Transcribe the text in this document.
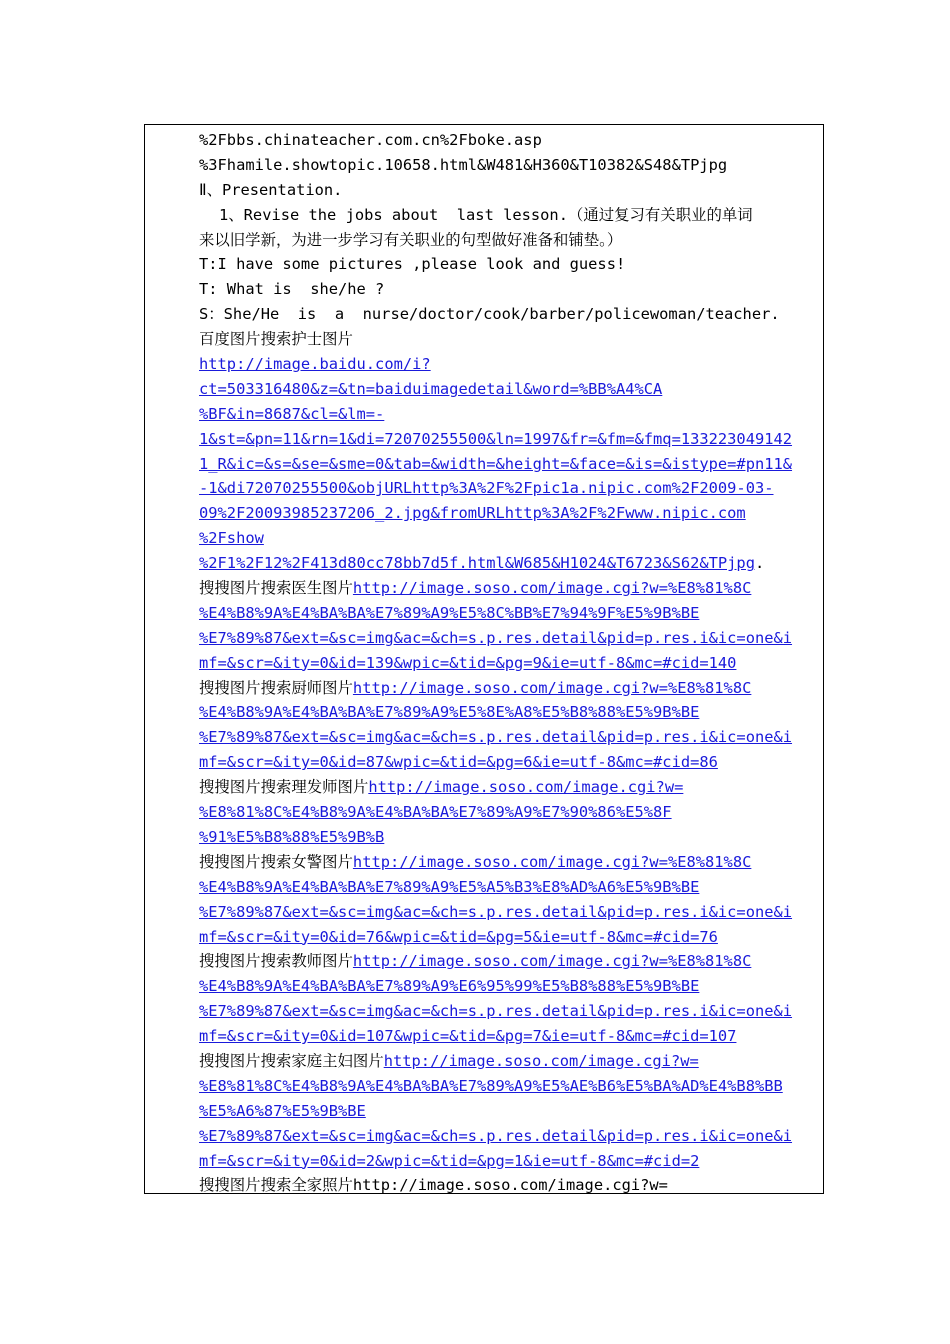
%2Fbbs.chinateacher.com.cn%2Fboke.asp
%3Fhamile.showtopic.10658.html&W481&H360&T10382&S48&TPjpg
Ⅱ、Presentation.
1、Revise the jobs about  last lesson.（通过复习有关职业的单词
来以旧学新，为进一步学习有关职业的句型做好准备和铺垫。）
T:I have some pictures ,please look and guess!
T: What is  she/he ?
S：She/He  is  a  nurse/doctor/cook/barber/policewoman/teacher.
百度图片搜索护士图片
http://image.baidu.com/i?
ct=503316480&z=&tn=baiduimagedetail&word=%BB%A4%CA
%BF&in=8687&cl=&lm=-
1&st=&pn=11&rn=1&di=72070255500&ln=1997&fr=&fm=&fmq=133223049142
1_R&ic=&s=&se=&sme=0&tab=&width=&height=&face=&is=&istype=#pn11&
-1&di72070255500&objURLhttp%3A%2F%2Fpic1a.nipic.com%2F2009-03-
09%2F20093985237206_2.jpg&fromURLhttp%3A%2F%2Fwww.nipic.com
%2Fshow
%2F1%2F12%2F413d80cc78bb7d5f.html&W685&H1024&T6723&S62&TPjpg.
搜搜图片搜索医生图片http://image.soso.com/image.cgi?w=%E8%81%8C
%E4%B8%9A%E4%BA%BA%E7%89%A9%E5%8C%BB%E7%94%9F%E5%9B%BE
%E7%89%87&ext=&sc=img&ac=&ch=s.p.res.detail&pid=p.res.i&ic=one&i
mf=&scr=&ity=0&id=139&wpic=&tid=&pg=9&ie=utf-8&mc=#cid=140
搜搜图片搜索厨师图片http://image.soso.com/image.cgi?w=%E8%81%8C
%E4%B8%9A%E4%BA%BA%E7%89%A9%E5%8E%A8%E5%B8%88%E5%9B%BE
%E7%89%87&ext=&sc=img&ac=&ch=s.p.res.detail&pid=p.res.i&ic=one&i
mf=&scr=&ity=0&id=87&wpic=&tid=&pg=6&ie=utf-8&mc=#cid=86
搜搜图片搜索理发师图片http://image.soso.com/image.cgi?w=
%E8%81%8C%E4%B8%9A%E4%BA%BA%E7%89%A9%E7%90%86%E5%8F
%91%E5%B8%88%E5%9B%B
搜搜图片搜索女警图片http://image.soso.com/image.cgi?w=%E8%81%8C
%E4%B8%9A%E4%BA%BA%E7%89%A9%E5%A5%B3%E8%AD%A6%E5%9B%BE
%E7%89%87&ext=&sc=img&ac=&ch=s.p.res.detail&pid=p.res.i&ic=one&i
mf=&scr=&ity=0&id=76&wpic=&tid=&pg=5&ie=utf-8&mc=#cid=76
搜搜图片搜索教师图片http://image.soso.com/image.cgi?w=%E8%81%8C
%E4%B8%9A%E4%BA%BA%E7%89%A9%E6%95%99%E5%B8%88%E5%9B%BE
%E7%89%87&ext=&sc=img&ac=&ch=s.p.res.detail&pid=p.res.i&ic=one&i
mf=&scr=&ity=0&id=107&wpic=&tid=&pg=7&ie=utf-8&mc=#cid=107
搜搜图片搜索家庭主妇图片http://image.soso.com/image.cgi?w=
%E8%81%8C%E4%B8%9A%E4%BA%BA%E7%89%A9%E5%AE%B6%E5%BA%AD%E4%B8%BB
%E5%A6%87%E5%9B%BE
%E7%89%87&ext=&sc=img&ac=&ch=s.p.res.detail&pid=p.res.i&ic=one&i
mf=&scr=&ity=0&id=2&wpic=&tid=&pg=1&ie=utf-8&mc=#cid=2
搜搜图片搜索全家照片http://image.soso.com/image.cgi?w=
